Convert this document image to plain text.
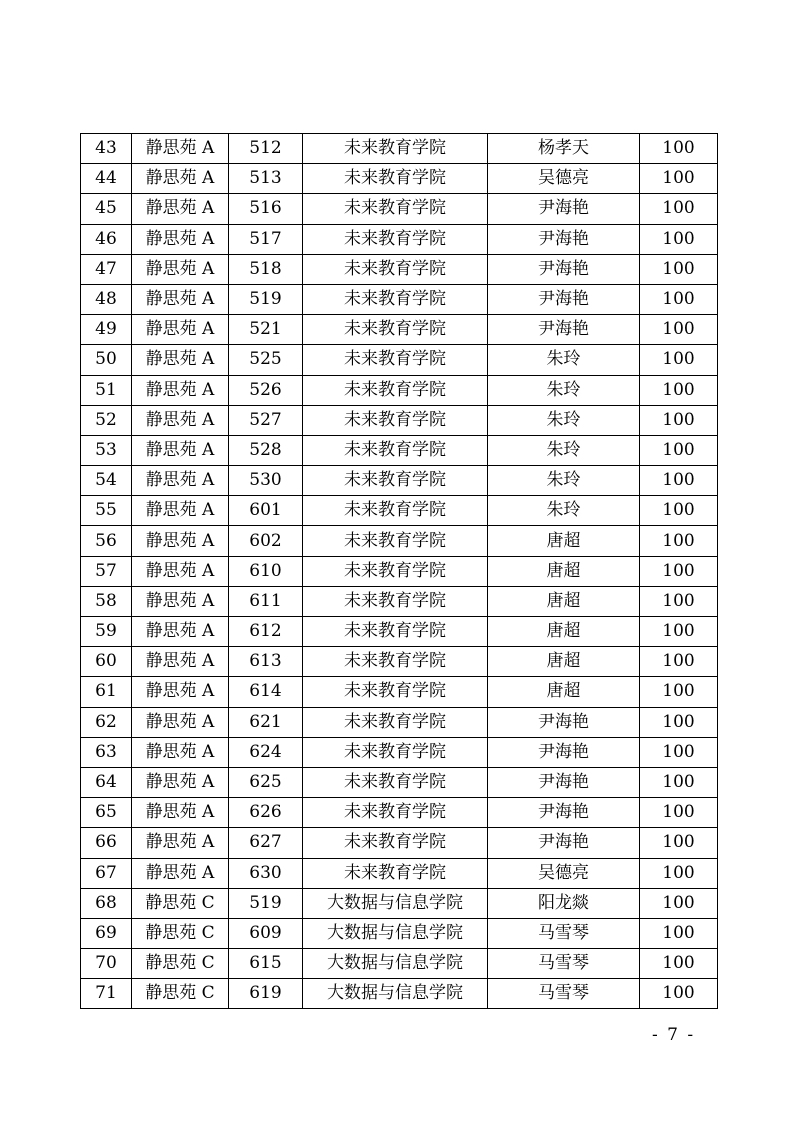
43	静思苑 A	512	未来教育学院	杨孝天	100
44	静思苑 A	513	未来教育学院	吴德亮	100
45	静思苑 A	516	未来教育学院	尹海艳	100
46	静思苑 A	517	未来教育学院	尹海艳	100
47	静思苑 A	518	未来教育学院	尹海艳	100
48	静思苑 A	519	未来教育学院	尹海艳	100
49	静思苑 A	521	未来教育学院	尹海艳	100
50	静思苑 A	525	未来教育学院	朱玲	100
51	静思苑 A	526	未来教育学院	朱玲	100
52	静思苑 A	527	未来教育学院	朱玲	100
53	静思苑 A	528	未来教育学院	朱玲	100
54	静思苑 A	530	未来教育学院	朱玲	100
55	静思苑 A	601	未来教育学院	朱玲	100
56	静思苑 A	602	未来教育学院	唐超	100
57	静思苑 A	610	未来教育学院	唐超	100
58	静思苑 A	611	未来教育学院	唐超	100
59	静思苑 A	612	未来教育学院	唐超	100
60	静思苑 A	613	未来教育学院	唐超	100
61	静思苑 A	614	未来教育学院	唐超	100
62	静思苑 A	621	未来教育学院	尹海艳	100
63	静思苑 A	624	未来教育学院	尹海艳	100
64	静思苑 A	625	未来教育学院	尹海艳	100
65	静思苑 A	626	未来教育学院	尹海艳	100
66	静思苑 A	627	未来教育学院	尹海艳	100
67	静思苑 A	630	未来教育学院	吴德亮	100
68	静思苑 C	519	大数据与信息学院	阳龙燚	100
69	静思苑 C	609	大数据与信息学院	马雪琴	100
70	静思苑 C	615	大数据与信息学院	马雪琴	100
71	静思苑 C	619	大数据与信息学院	马雪琴	100
- 7 -
